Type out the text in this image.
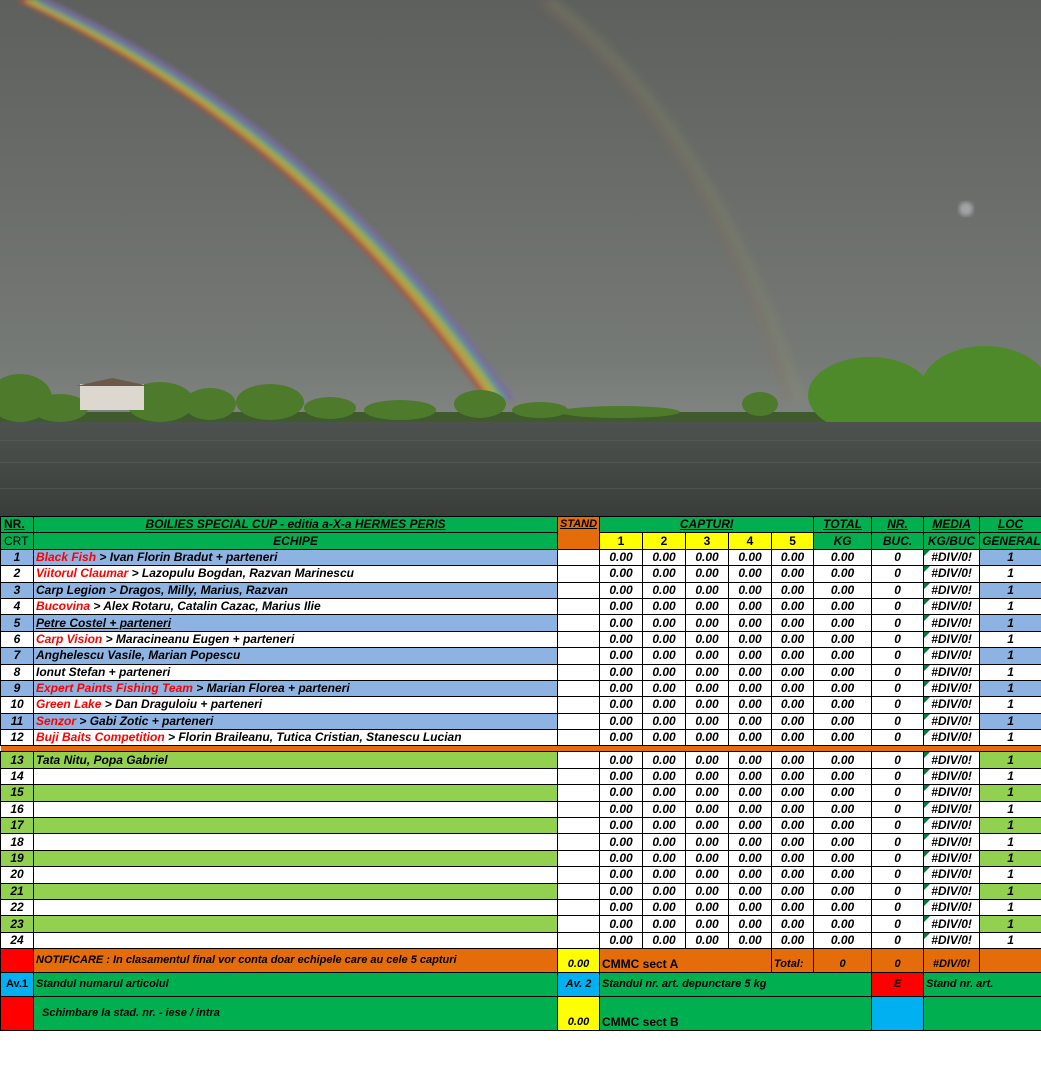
NR.	BOILIES SPECIAL CUP - editia a-X-a HERMES PERIS	STAND	CAPTURI					TOTAL	NR.	MEDIA	LOC
CRT	ECHIPE		1	2	3	4	5	KG	BUC.	KG/BUC	GENERAL
1	Black Fish > Ivan Florin Bradut + parteneri		0.00	0.00	0.00	0.00	0.00	0.00	0	#DIV/0!	1
2	Viitorul Claumar > Lazopulu Bogdan, Razvan Marinescu		0.00	0.00	0.00	0.00	0.00	0.00	0	#DIV/0!	1
3	Carp Legion > Dragos, Milly, Marius, Razvan		0.00	0.00	0.00	0.00	0.00	0.00	0	#DIV/0!	1
4	Bucovina > Alex Rotaru, Catalin Cazac, Marius Ilie		0.00	0.00	0.00	0.00	0.00	0.00	0	#DIV/0!	1
5	Petre Costel + parteneri		0.00	0.00	0.00	0.00	0.00	0.00	0	#DIV/0!	1
6	Carp Vision > Maracineanu Eugen + parteneri		0.00	0.00	0.00	0.00	0.00	0.00	0	#DIV/0!	1
7	Anghelescu Vasile, Marian Popescu		0.00	0.00	0.00	0.00	0.00	0.00	0	#DIV/0!	1
8	Ionut Stefan + parteneri		0.00	0.00	0.00	0.00	0.00	0.00	0	#DIV/0!	1
9	Expert Paints Fishing Team > Marian Florea + parteneri		0.00	0.00	0.00	0.00	0.00	0.00	0	#DIV/0!	1
10	Green Lake > Dan Draguloiu + parteneri		0.00	0.00	0.00	0.00	0.00	0.00	0	#DIV/0!	1
11	Senzor > Gabi Zotic + parteneri		0.00	0.00	0.00	0.00	0.00	0.00	0	#DIV/0!	1
12	Buji Baits Competition > Florin Braileanu, Tutica Cristian, Stanescu Lucian		0.00	0.00	0.00	0.00	0.00	0.00	0	#DIV/0!	1

13	Tata Nitu, Popa Gabriel		0.00	0.00	0.00	0.00	0.00	0.00	0	#DIV/0!	1
14			0.00	0.00	0.00	0.00	0.00	0.00	0	#DIV/0!	1
15			0.00	0.00	0.00	0.00	0.00	0.00	0	#DIV/0!	1
16			0.00	0.00	0.00	0.00	0.00	0.00	0	#DIV/0!	1
17			0.00	0.00	0.00	0.00	0.00	0.00	0	#DIV/0!	1
18			0.00	0.00	0.00	0.00	0.00	0.00	0	#DIV/0!	1
19			0.00	0.00	0.00	0.00	0.00	0.00	0	#DIV/0!	1
20			0.00	0.00	0.00	0.00	0.00	0.00	0	#DIV/0!	1
21			0.00	0.00	0.00	0.00	0.00	0.00	0	#DIV/0!	1
22			0.00	0.00	0.00	0.00	0.00	0.00	0	#DIV/0!	1
23			0.00	0.00	0.00	0.00	0.00	0.00	0	#DIV/0!	1
24			0.00	0.00	0.00	0.00	0.00	0.00	0	#DIV/0!	1
	NOTIFICARE : In clasamentul final vor conta doar echipele care au cele 5 capturi	0.00	CMMC sect A				Total:	0	0	#DIV/0!	
Av.1	Standul numarul articolul	Av. 2	Standul nr. art. depunctare 5 kg						E	Stand nr. art.	
	Schimbare la stad. nr. - iese / intra	0.00	CMMC sect B								
